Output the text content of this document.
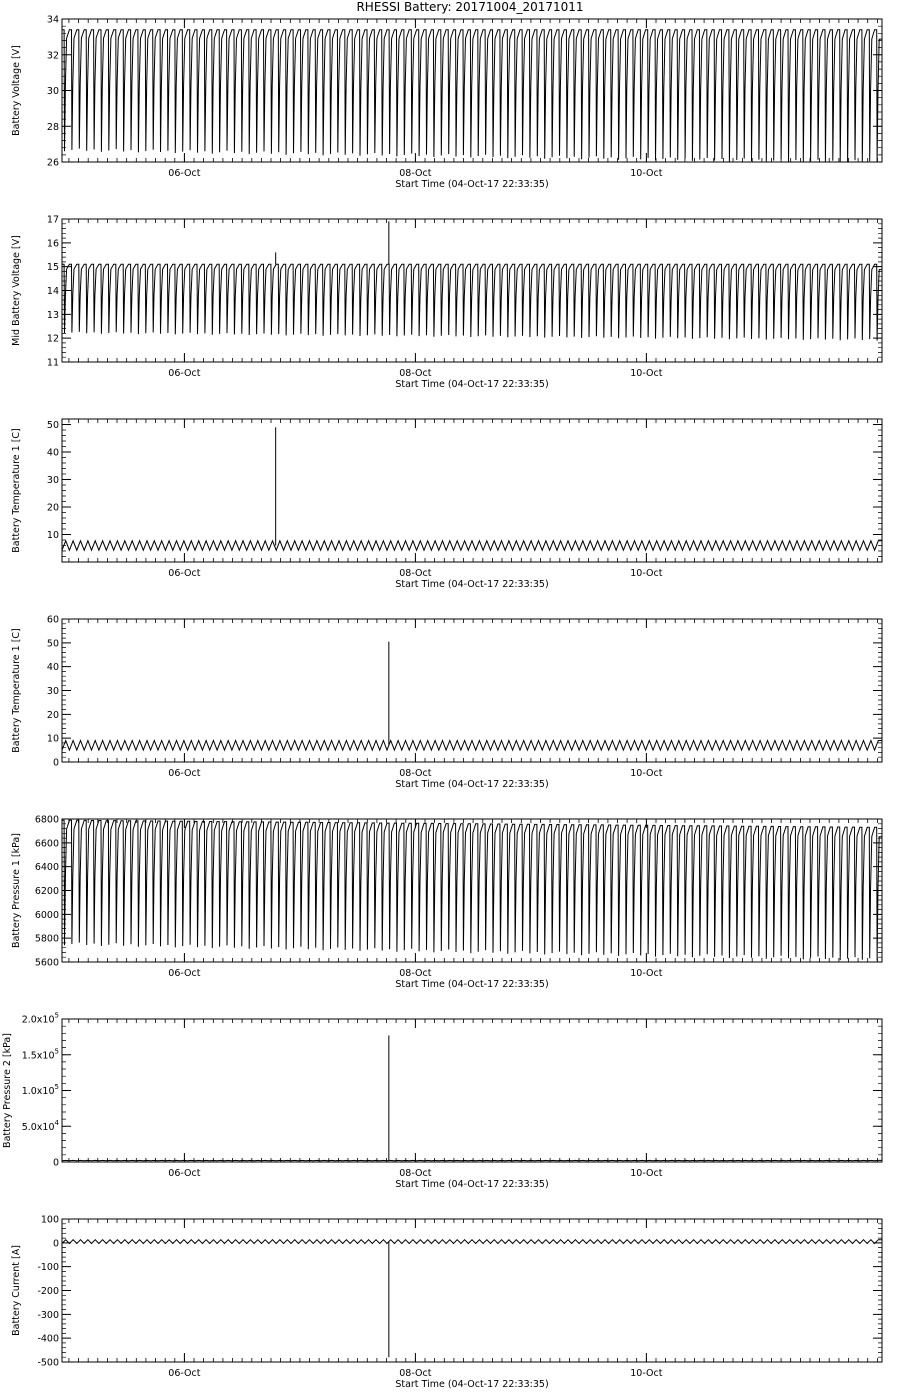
RHESSI Battery: 20171004_20171011
06-Oct	08-Oct	10-Oct
Start Time (04-Oct-17 22:33:35)
26
28
30
32
34
Battery Voltage [V]
06-Oct	08-Oct	10-Oct
Start Time (04-Oct-17 22:33:35)
11
12
13
14
15
16
17
Mid Battery Voltage [V]
06-Oct	08-Oct	10-Oct
Start Time (04-Oct-17 22:33:35)
10
20
30
40
50
Battery Temperature 1 [C]
06-Oct	08-Oct	10-Oct
Start Time (04-Oct-17 22:33:35)
0
10
20
30
40
50
60
Battery Temperature 1 [C]
06-Oct	08-Oct	10-Oct
Start Time (04-Oct-17 22:33:35)
5600
5800
6000
6200
6400
6600
6800
Battery Pressure 1 [kPa]
06-Oct	08-Oct	10-Oct
Start Time (04-Oct-17 22:33:35)
0
$5.0x10^4$
$1.0x10^5$
$1.5x10^5$
$2.0x10^5$
Battery Pressure 2 [kPa]
06-Oct	08-Oct	10-Oct
Start Time (04-Oct-17 22:33:35)
-500
-400
-300
-200
-100
0
100
Battery Current [A]
